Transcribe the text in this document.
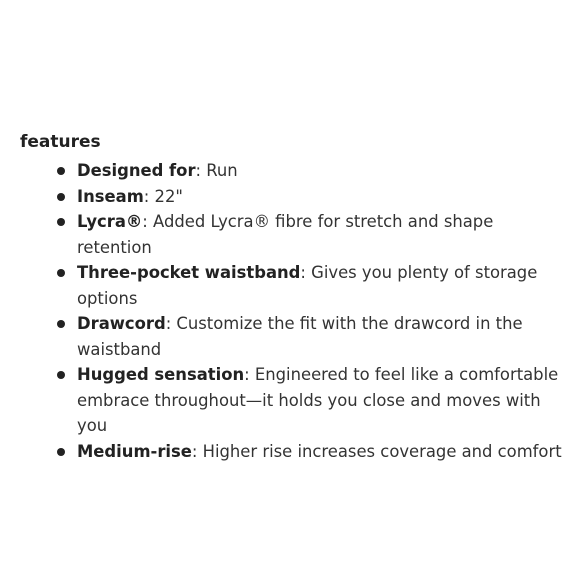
features
Designed for: Run
Inseam: 22"
Lycra®: Added Lycra® fibre for stretch and shape retention
Three-pocket waistband: Gives you plenty of storage options
Drawcord: Customize the fit with the drawcord in the waistband
Hugged sensation: Engineered to feel like a comfortable embrace throughout—it holds you close and moves with you
Medium-rise: Higher rise increases coverage and comfort
